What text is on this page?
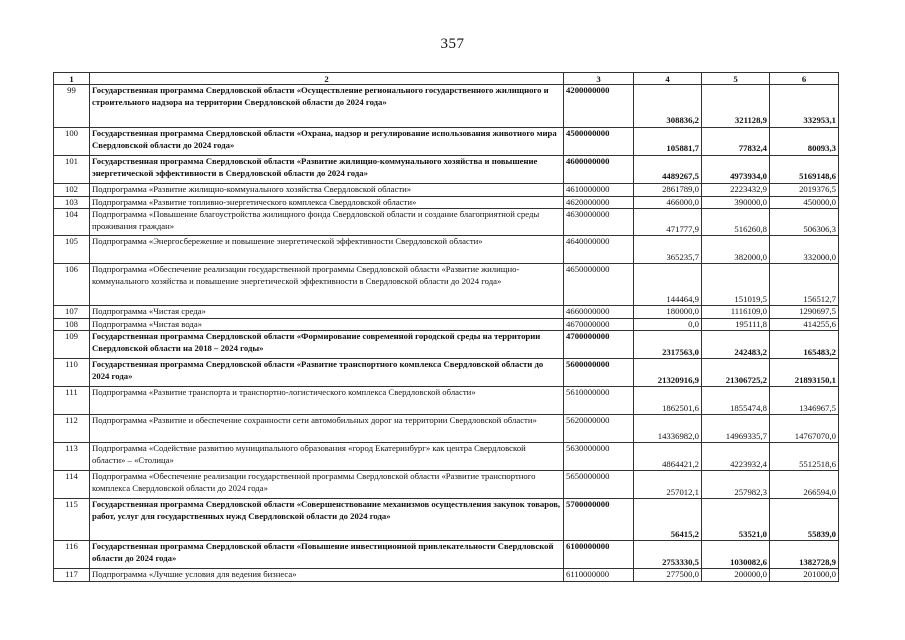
357
1	2	3	4	5	6
99	Государственная программа Свердловской области «Осуществление регионального государственного жилищного и строительного надзора на территории Свердловской области до 2024 года»	4200000000	308836,2	321128,9	332953,1
100	Государственная программа Свердловской области «Охрана, надзор и регулирование использования животного мира Свердловской области до 2024 года»	4500000000	105881,7	77832,4	80093,3
101	Государственная программа Свердловской области «Развитие жилищно-коммунального хозяйства и повышение энергетической эффективности в Свердловской области до 2024 года»	4600000000	4489267,5	4973934,0	5169148,6
102	Подпрограмма «Развитие жилищно-коммунального хозяйства Свердловской области»	4610000000	2861789,0	2223432,9	2019376,5
103	Подпрограмма «Развитие топливно-энергетического комплекса Свердловской области»	4620000000	466000,0	390000,0	450000,0
104	Подпрограмма «Повышение благоустройства жилищного фонда Свердловской области и создание благоприятной среды проживания граждан»	4630000000	471777,9	516260,8	506306,3
105	Подпрограмма «Энергосбережение и повышение энергетической эффективности Свердловской области»	4640000000	365235,7	382000,0	332000,0
106	Подпрограмма «Обеспечение реализации государственной программы Свердловской области «Развитие жилищно-коммунального хозяйства и повышение энергетической эффективности в Свердловской области до 2024 года»	4650000000	144464,9	151019,5	156512,7
107	Подпрограмма «Чистая среда»	4660000000	180000,0	1116109,0	1290697,5
108	Подпрограмма «Чистая вода»	4670000000	0,0	195111,8	414255,6
109	Государственная программа Свердловской области «Формирование современной городской среды на территории Свердловской области на 2018 – 2024 годы»	4700000000	2317563,0	242483,2	165483,2
110	Государственная программа Свердловской области «Развитие транспортного комплекса Свердловской области до 2024 года»	5600000000	21320916,9	21306725,2	21893150,1
111	Подпрограмма «Развитие транспорта и транспортно-логистического комплекса Свердловской области»	5610000000	1862501,6	1855474,8	1346967,5
112	Подпрограмма «Развитие и обеспечение сохранности сети автомобильных дорог на территории Свердловской области»	5620000000	14336982,0	14969335,7	14767070,0
113	Подпрограмма «Содействие развитию муниципального образования «город Екатеринбург» как центра Свердловской области» – «Столица»	5630000000	4864421,2	4223932,4	5512518,6
114	Подпрограмма «Обеспечение реализации государственной программы Свердловской области «Развитие транспортного комплекса Свердловской области до 2024 года»	5650000000	257012,1	257982,3	266594,0
115	Государственная программа Свердловской области «Совершенствование механизмов осуществления закупок товаров, работ, услуг для государственных нужд Свердловской области до 2024 года»	5700000000	56415,2	53521,0	55839,0
116	Государственная программа Свердловской области «Повышение инвестиционной привлекательности Свердловской области до 2024 года»	6100000000	2753330,5	1030082,6	1382728,9
117	Подпрограмма «Лучшие условия для ведения бизнеса»	6110000000	277500,0	200000,0	201000,0
